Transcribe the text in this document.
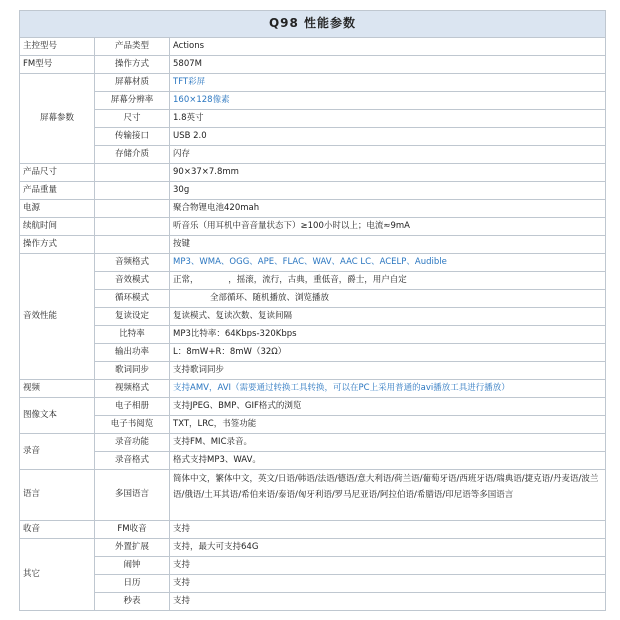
Q98 性能参数		
主控型号	产品类型	Actions
FM型号	操作方式	5807M
屏幕参数	屏幕材质	TFT彩屏
	屏幕分辨率	160×128像素
	尺寸	1.8英寸
	传输接口	USB 2.0
	存储介质	闪存
产品尺寸		90×37×7.8mm
产品重量		30g
电源		聚合物锂电池420mah
续航时间		听音乐（用耳机中音音量状态下）≥100小时以上；电流≈9mA
操作方式		按键
音效性能	音频格式	MP3、WMA、OGG、APE、FLAC、WAV、AAC LC、ACELP、Audible
	音效模式	正常，　　　　，摇滚，流行，古典，重低音，爵士，用户自定
	循环模式	全部循环、随机播放、浏览播放
	复读设定	复读模式、复读次数、复读间隔
	比特率	MP3比特率：64Kbps-320Kbps
	输出功率	L：8mW+R：8mW（32Ω）
	歌词同步	支持歌词同步
视频	视频格式	支持AMV，AVI（需要通过转换工具转换，可以在PC上采用普通的avi播放工具进行播放）
图像文本	电子相册	支持JPEG、BMP、GIF格式的浏览
	电子书阅览	TXT，LRC，书签功能
录音	录音功能	支持FM、MIC录音。
	录音格式	格式支持MP3、WAV。
语言	多国语言	简体中文，繁体中文，英文/日语/韩语/法语/德语/意大利语/荷兰语/葡萄牙语/西班牙语/瑞典语/捷克语/丹麦语/波兰语/俄语/土耳其语/希伯来语/泰语/匈牙利语/罗马尼亚语/阿拉伯语/希腊语/印尼语等多国语言
收音	FM收音	支持
其它	外置扩展	支持，最大可支持64G
	闹钟	支持
	日历	支持
	秒表	支持
